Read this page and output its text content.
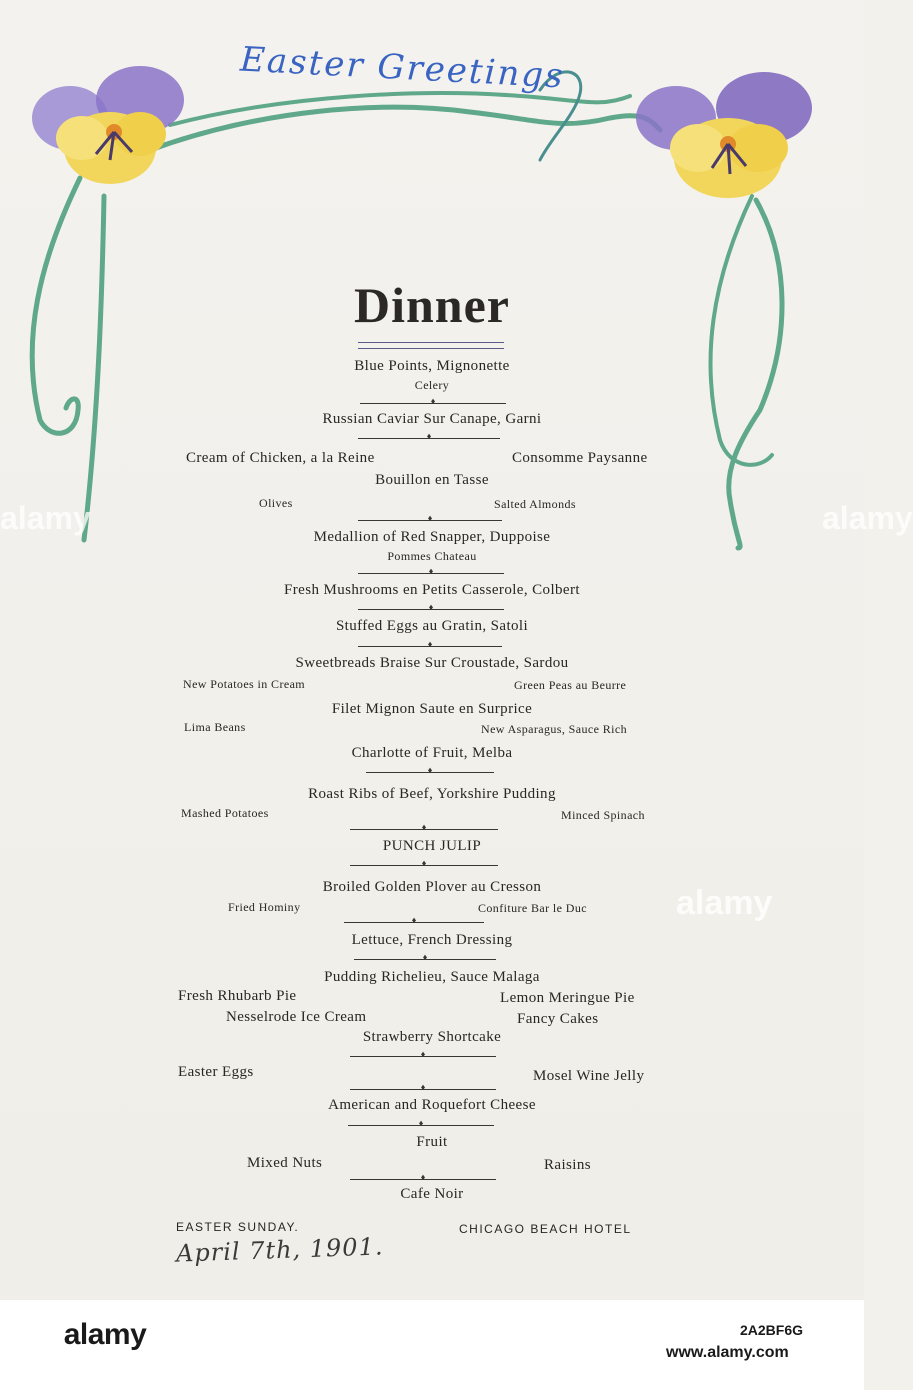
Easter Greetings
Dinner
Blue Points, Mignonette
Celery
♦
Russian Caviar Sur Canape, Garni
♦
Cream of Chicken, a la Reine	Consomme Paysanne
Bouillon en Tasse
Olives	Salted Almonds
♦
Medallion of Red Snapper, Duppoise
Pommes Chateau
♦
Fresh Mushrooms en Petits Casserole, Colbert
♦
Stuffed Eggs au Gratin, Satoli
♦
Sweetbreads Braise Sur Croustade, Sardou
New Potatoes in Cream	Green Peas au Beurre
Filet Mignon Saute en Surprice
Lima Beans	New Asparagus, Sauce Rich
Charlotte of Fruit, Melba
♦
Roast Ribs of Beef, Yorkshire Pudding
Mashed Potatoes	Minced Spinach
♦
PUNCH JULIP
♦
Broiled Golden Plover au Cresson
Fried Hominy	Confiture Bar le Duc
♦
Lettuce, French Dressing
♦
Pudding Richelieu, Sauce Malaga
Fresh Rhubarb Pie	Lemon Meringue Pie
Nesselrode Ice Cream	Fancy Cakes
Strawberry Shortcake
♦
Easter Eggs	Mosel Wine Jelly
♦
American and Roquefort Cheese
♦
Fruit
Mixed Nuts	Raisins
♦
Cafe Noir
EASTER SUNDAY.	CHICAGO BEACH HOTEL
April 7th, 1901.
alamy	alamy
alamy
alamy	2A2BF6G
www.alamy.com
